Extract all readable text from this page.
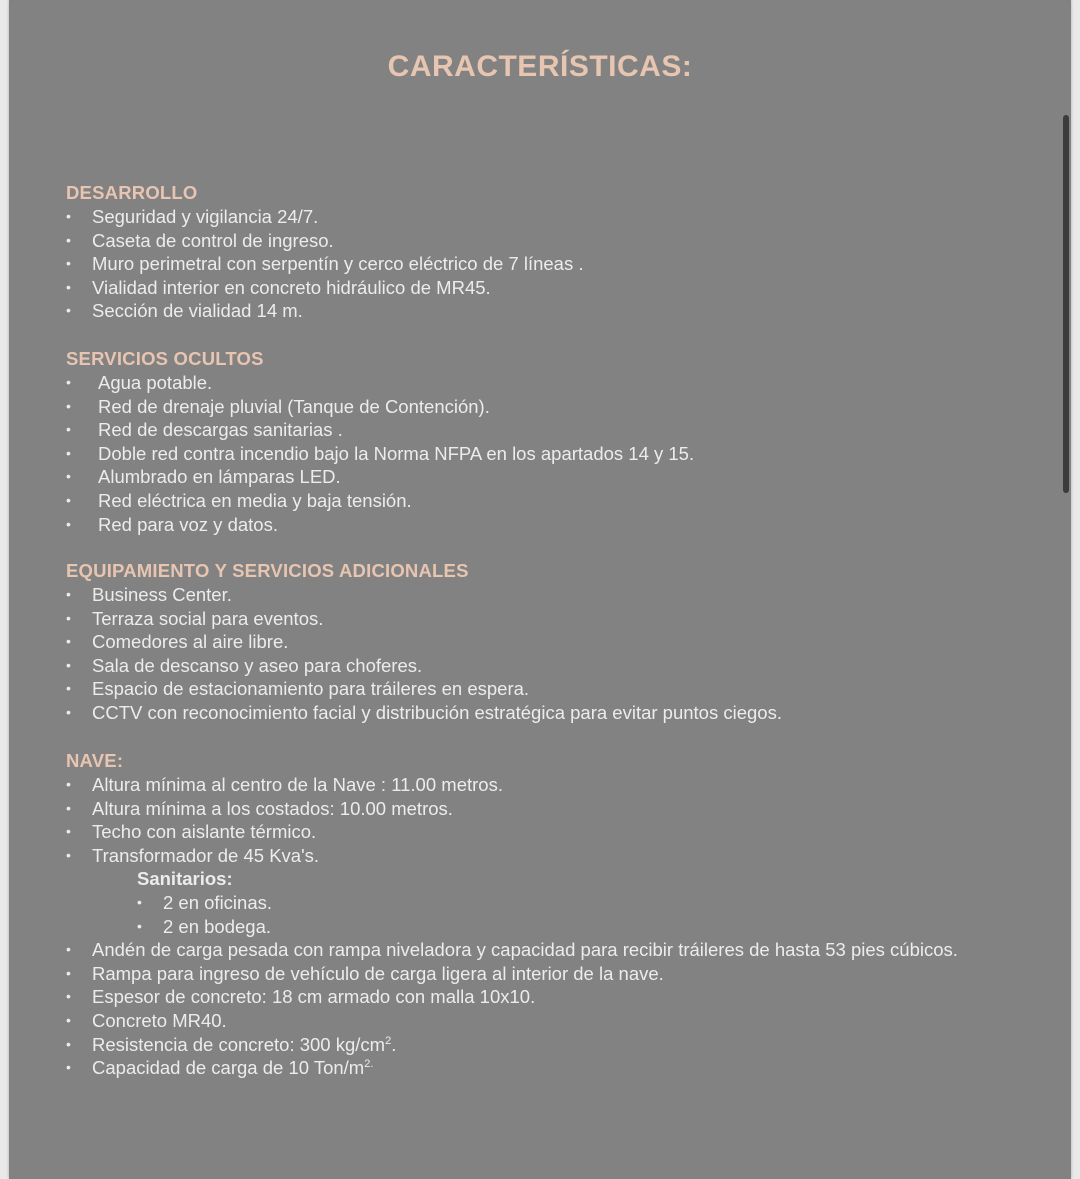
CARACTERÍSTICAS:
DESARROLLO
• Seguridad y vigilancia 24/7.
• Caseta de control de ingreso.
• Muro perimetral con serpentín y cerco eléctrico de 7 líneas .
• Vialidad interior en concreto hidráulico de MR45.
• Sección de vialidad 14 m.
SERVICIOS OCULTOS
• Agua potable.
• Red de drenaje pluvial (Tanque de Contención).
• Red de descargas sanitarias .
• Doble red contra incendio bajo la Norma NFPA en los apartados 14 y 15.
• Alumbrado en lámparas LED.
• Red eléctrica en media y baja tensión.
• Red para voz y datos.
EQUIPAMIENTO Y SERVICIOS ADICIONALES
• Business Center.
• Terraza social para eventos.
• Comedores al aire libre.
• Sala de descanso y aseo para choferes.
• Espacio de estacionamiento para tráileres en espera.
• CCTV con reconocimiento facial y distribución estratégica para evitar puntos ciegos.
NAVE:
• Altura mínima al centro de la Nave : 11.00 metros.
• Altura mínima a los costados: 10.00 metros.
• Techo con aislante térmico.
• Transformador de 45 Kva's.
Sanitarios:
• 2 en oficinas.
• 2 en bodega.
• Andén de carga pesada con rampa niveladora y capacidad para recibir tráileres de hasta 53 pies cúbicos.
• Rampa para ingreso de vehículo de carga ligera al interior de la nave.
• Espesor de concreto: 18 cm armado con malla 10x10.
• Concreto MR40.
• Resistencia de concreto: 300 $kg/cm^2$.
• Capacidad de carga de 10 Ton/$m^{2.}$
